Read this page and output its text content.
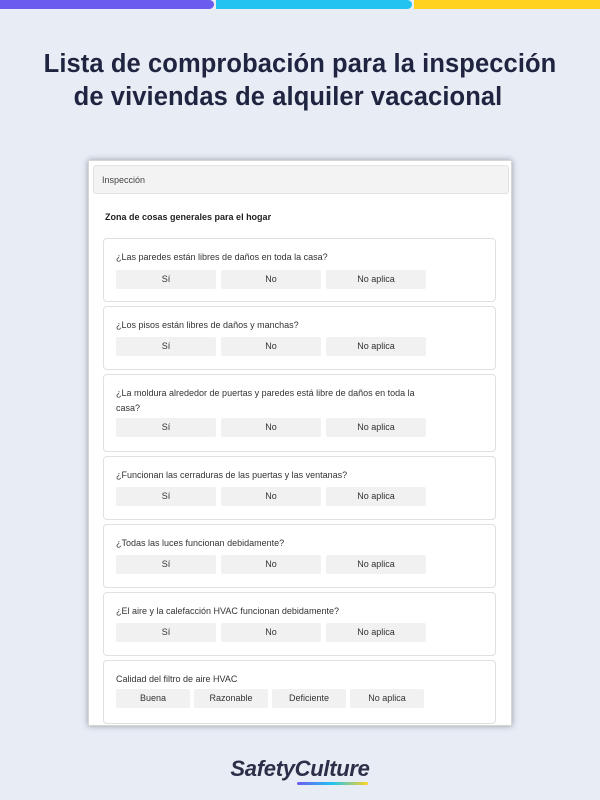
Lista de comprobación para la inspección
de viviendas de alquiler vacacional
Inspección
Zona de cosas generales para el hogar
¿Las paredes están libres de daños en toda la casa?
Sí	No	No aplica
¿Los pisos están libres de daños y manchas?
Sí	No	No aplica
¿La moldura alrededor de puertas y paredes está libre de daños en toda la casa?
Sí	No	No aplica
¿Funcionan las cerraduras de las puertas y las ventanas?
Sí	No	No aplica
¿Todas las luces funcionan debidamente?
Sí	No	No aplica
¿El aire y la calefacción HVAC funcionan debidamente?
Sí	No	No aplica
Calidad del filtro de aire HVAC
Buena	Razonable	Deficiente	No aplica
SafetyCulture
